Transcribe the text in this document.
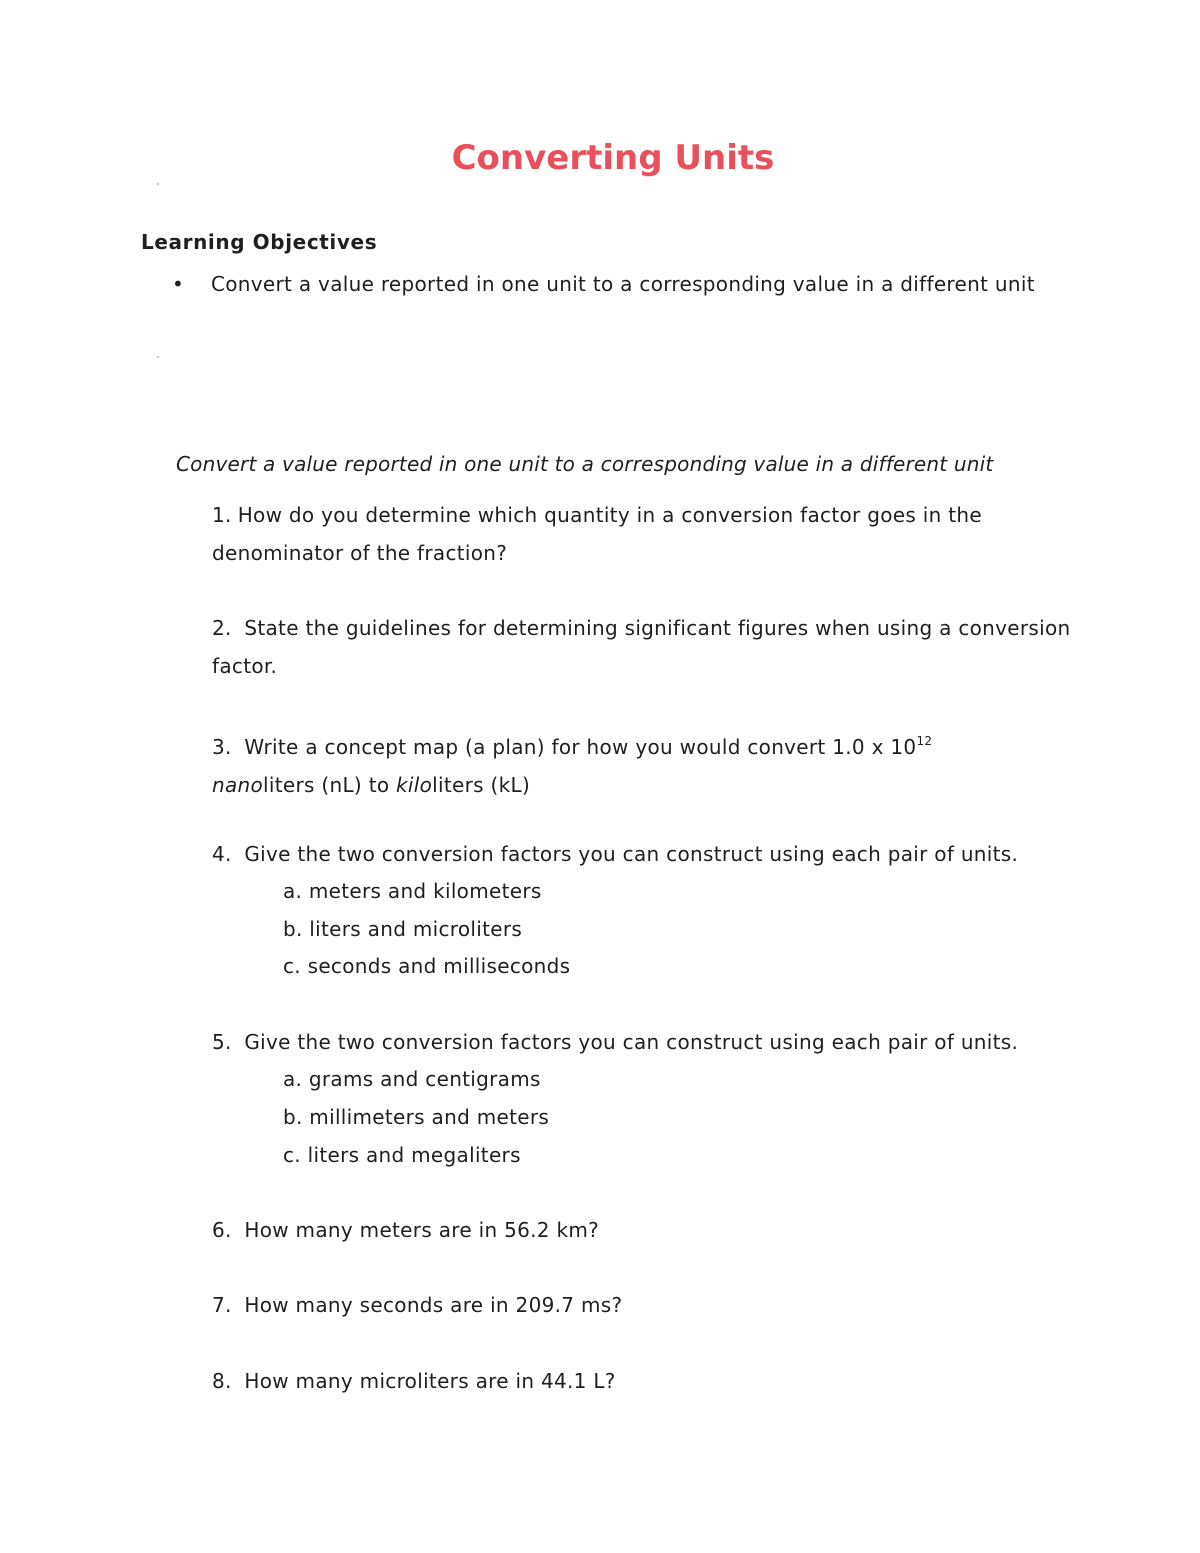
Converting Units
Learning Objectives
• Convert a value reported in one unit to a corresponding value in a different unit

Convert a value reported in one unit to a corresponding value in a different unit

1. How do you determine which quantity in a conversion factor goes in the denominator of the fraction?
2. State the guidelines for determining significant figures when using a conversion factor.
3. Write a concept map (a plan) for how you would convert 1.0 x $10^{12}$
nanoliters (nL) to kiloliters (kL)
4. Give the two conversion factors you can construct using each pair of units.
a. meters and kilometers
b. liters and microliters
c. seconds and milliseconds
5. Give the two conversion factors you can construct using each pair of units.
a. grams and centigrams
b. millimeters and meters
c. liters and megaliters
6. How many meters are in 56.2 km?
7. How many seconds are in 209.7 ms?
8. How many microliters are in 44.1 L?
